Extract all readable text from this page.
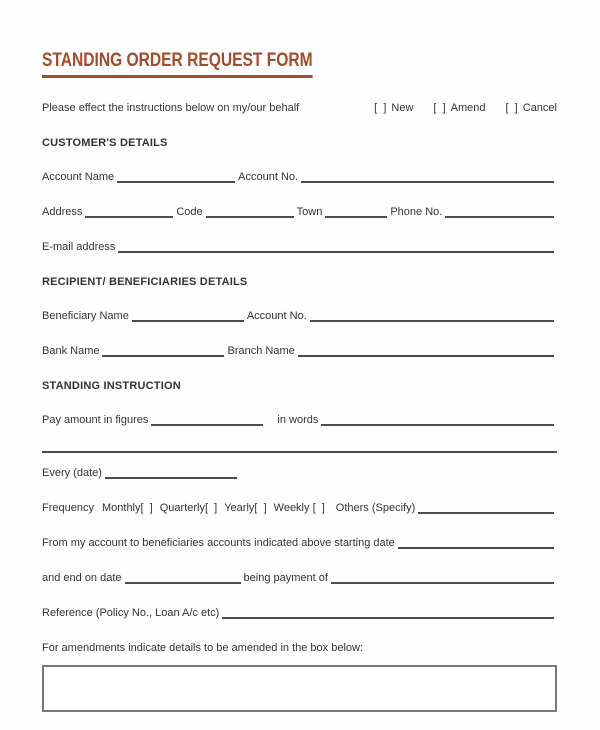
STANDING ORDER REQUEST FORM
Please effect the instructions below on my/our behalf	[  ] New [  ] Amend [  ] Cancel
CUSTOMER'S DETAILS
Account Name	Account No.
Address	Code	Town	Phone No.
E-mail address
RECIPIENT/ BENEFICIARIES DETAILS
Beneficiary Name	Account No.
Bank Name	Branch Name
STANDING INSTRUCTION
Pay amount in figures	in words
Every (date)
Frequency Monthly [  ] Quarterly [  ] Yearly [  ] Weekly [  ] Others (Specify)
From my account to beneficiaries accounts indicated above starting date
and end on date	being payment of
Reference (Policy No., Loan A/c etc)
For amendments indicate details to be amended in the box below:
